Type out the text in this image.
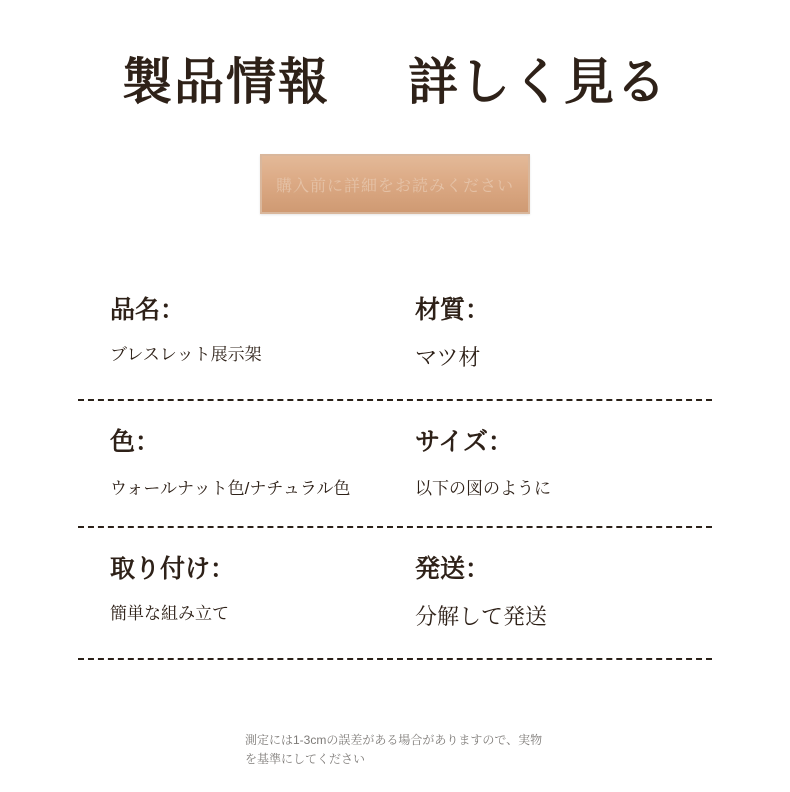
製品情報 詳しく見る
購入前に詳細をお読みください
品名：
ブレスレット展示架
材質：
マツ材
色：
ウォールナット色/ナチュラル色
サイズ：
以下の図のように
取り付け：
簡単な組み立て
発送：
分解して発送
測定には1-3cmの誤差がある場合がありますので、実物を基準にしてください
